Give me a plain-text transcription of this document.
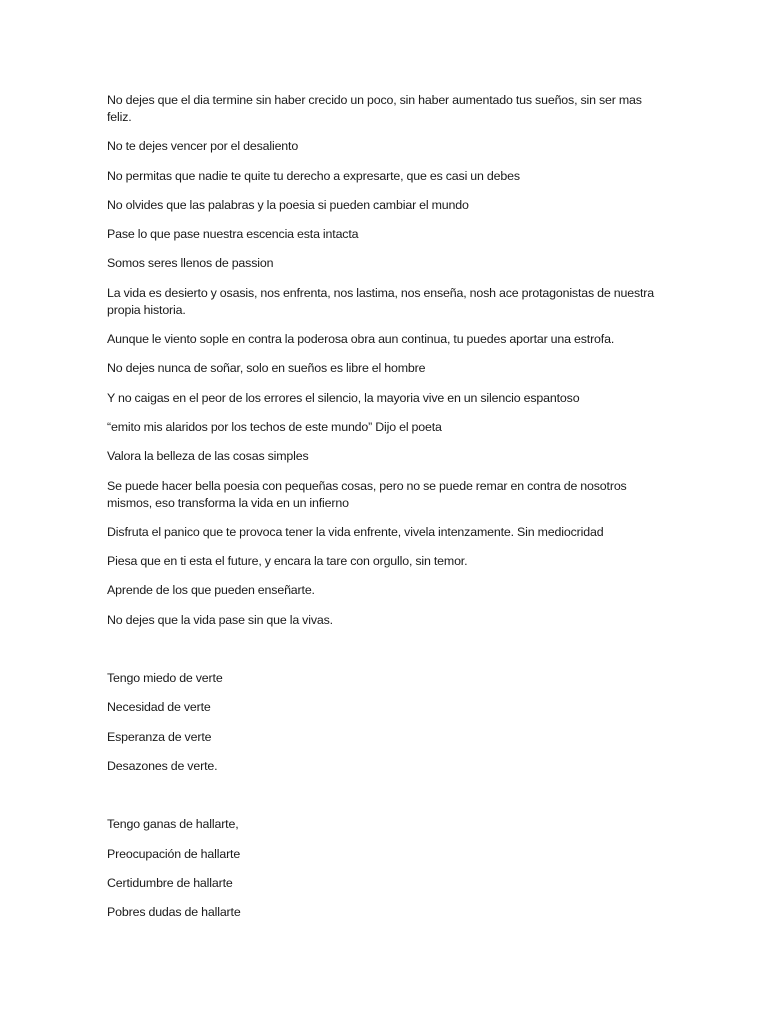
No dejes que el dia termine sin haber crecido un poco, sin haber aumentado tus sueños, sin ser mas feliz.

No te dejes vencer por el desaliento

No permitas que nadie te quite tu derecho a expresarte, que es casi un debes

No olvides que las palabras y la poesia si pueden cambiar el mundo

Pase lo que pase nuestra escencia esta intacta

Somos seres llenos de passion

La vida es desierto y osasis, nos enfrenta, nos lastima, nos enseña, nosh ace protagonistas de nuestra propia historia.

Aunque le viento sople en contra la poderosa obra aun continua, tu puedes aportar una estrofa.

No dejes nunca de soñar, solo en sueños es libre el hombre

Y no caigas en el peor de los errores el silencio, la mayoria vive en un silencio espantoso

“emito mis alaridos por los techos de este mundo” Dijo el poeta

Valora la belleza de las cosas simples

Se puede hacer bella poesia con pequeñas cosas, pero no se puede remar en contra de nosotros mismos, eso transforma la vida en un infierno

Disfruta el panico que te provoca tener la vida enfrente, vivela intenzamente. Sin mediocridad

Piesa que en ti esta el future, y encara la tare con orgullo, sin temor.

Aprende de los que pueden enseñarte.

No dejes que la vida pase sin que la vivas.

Tengo miedo de verte

Necesidad de verte

Esperanza de verte

Desazones de verte.

Tengo ganas de hallarte,

Preocupación de hallarte

Certidumbre de hallarte

Pobres dudas de hallarte
